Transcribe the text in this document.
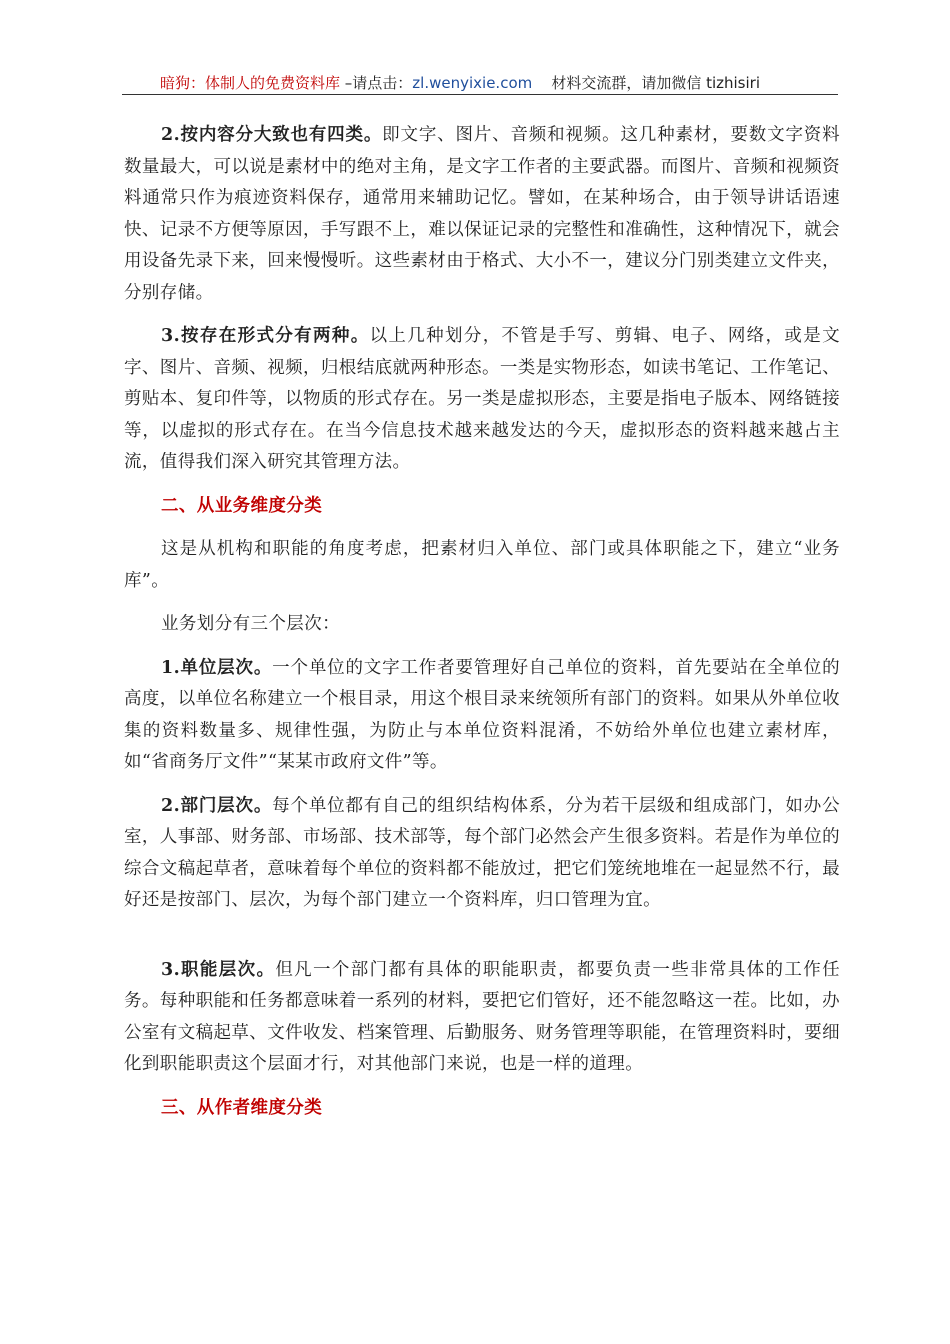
暗狗：体制人的免费资料库 –请点击：zl.wenyixie.com 材料交流群，请加微信 tizhisiri

2.按内容分大致也有四类。即文字、图片、音频和视频。这几种素材，要数文字资料数量最大，可以说是素材中的绝对主角，是文字工作者的主要武器。而图片、音频和视频资料通常只作为痕迹资料保存，通常用来辅助记忆。譬如，在某种场合，由于领导讲话语速快、记录不方便等原因，手写跟不上，难以保证记录的完整性和准确性，这种情况下，就会用设备先录下来，回来慢慢听。这些素材由于格式、大小不一，建议分门别类建立文件夹，分别存储。

3.按存在形式分有两种。以上几种划分，不管是手写、剪辑、电子、网络，或是文字、图片、音频、视频，归根结底就两种形态。一类是实物形态，如读书笔记、工作笔记、剪贴本、复印件等，以物质的形式存在。另一类是虚拟形态，主要是指电子版本、网络链接等，以虚拟的形式存在。在当今信息技术越来越发达的今天，虚拟形态的资料越来越占主流，值得我们深入研究其管理方法。

二、从业务维度分类

这是从机构和职能的角度考虑，把素材归入单位、部门或具体职能之下，建立“业务库”。

业务划分有三个层次：

1.单位层次。一个单位的文字工作者要管理好自己单位的资料，首先要站在全单位的高度，以单位名称建立一个根目录，用这个根目录来统领所有部门的资料。如果从外单位收集的资料数量多、规律性强，为防止与本单位资料混淆，不妨给外单位也建立素材库，如“省商务厅文件”“某某市政府文件”等。

2.部门层次。每个单位都有自己的组织结构体系，分为若干层级和组成部门，如办公室，人事部、财务部、市场部、技术部等，每个部门必然会产生很多资料。若是作为单位的综合文稿起草者，意味着每个单位的资料都不能放过，把它们笼统地堆在一起显然不行，最好还是按部门、层次，为每个部门建立一个资料库，归口管理为宜。

3.职能层次。但凡一个部门都有具体的职能职责，都要负责一些非常具体的工作任务。每种职能和任务都意味着一系列的材料，要把它们管好，还不能忽略这一茬。比如，办公室有文稿起草、文件收发、档案管理、后勤服务、财务管理等职能，在管理资料时，要细化到职能职责这个层面才行，对其他部门来说，也是一样的道理。

三、从作者维度分类
